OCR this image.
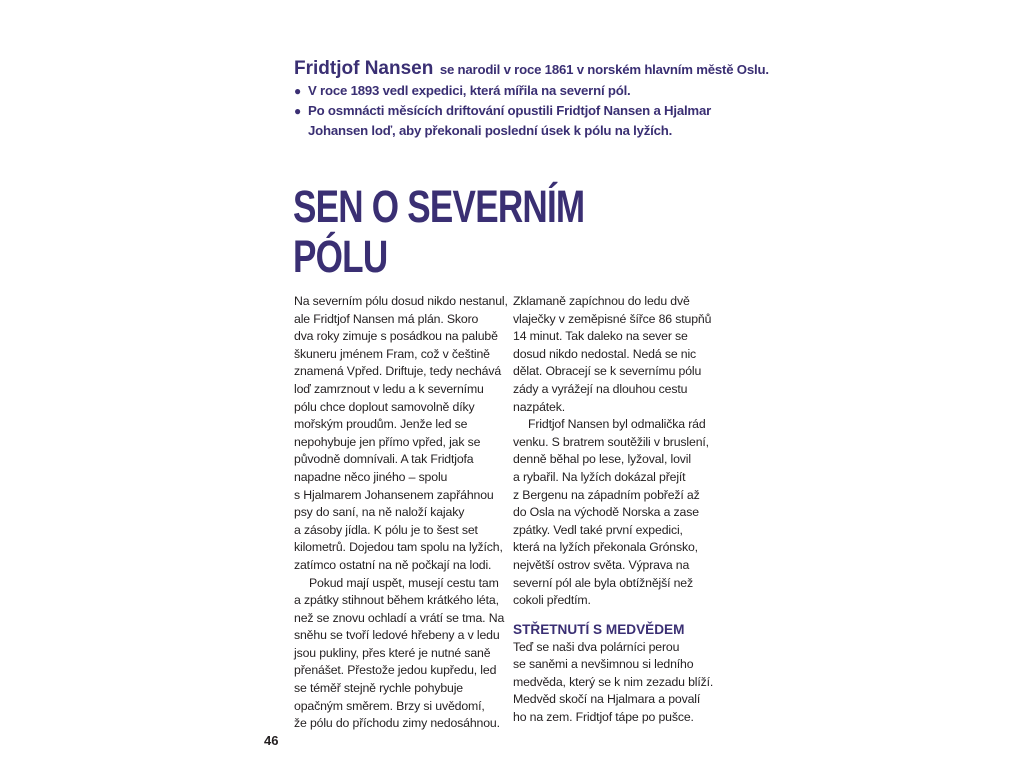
Fridtjof Nansen se narodil v roce 1861 v norském hlavním městě Oslu.
● V roce 1893 vedl expedici, která mířila na severní pól.
● Po osmnácti měsících driftování opustili Fridtjof Nansen a Hjalmar Johansen loď, aby překonali poslední úsek k pólu na lyžích.
SEN O SEVERNÍM
PÓLU
Na severním pólu dosud nikdo nestanul,
ale Fridtjof Nansen má plán. Skoro
dva roky zimuje s posádkou na palubě
škuneru jménem Fram, což v češtině
znamená Vpřed. Driftuje, tedy nechává
loď zamrznout v ledu a k severnímu
pólu chce doplout samovolně díky
mořským proudům. Jenže led se
nepohybuje jen přímo vpřed, jak se
původně domnívali. A tak Fridtjofa
napadne něco jiného – spolu
s Hjalmarem Johansenem zapřáhnou
psy do saní, na ně naloží kajaky
a zásoby jídla. K pólu je to šest set
kilometrů. Dojedou tam spolu na lyžích,
zatímco ostatní na ně počkají na lodi.
Pokud mají uspět, musejí cestu tam
a zpátky stihnout během krátkého léta,
než se znovu ochladí a vrátí se tma. Na
sněhu se tvoří ledové hřebeny a v ledu
jsou pukliny, přes které je nutné saně
přenášet. Přestože jedou kupředu, led
se téměř stejně rychle pohybuje
opačným směrem. Brzy si uvědomí,
že pólu do příchodu zimy nedosáhnou.
Zklamaně zapíchnou do ledu dvě
vlaječky v zeměpisné šířce 86 stupňů
14 minut. Tak daleko na sever se
dosud nikdo nedostal. Nedá se nic
dělat. Obracejí se k severnímu pólu
zády a vyrážejí na dlouhou cestu
nazpátek.
Fridtjof Nansen byl odmalička rád
venku. S bratrem soutěžili v bruslení,
denně běhal po lese, lyžoval, lovil
a rybařil. Na lyžích dokázal přejít
z Bergenu na západním pobřeží až
do Osla na východě Norska a zase
zpátky. Vedl také první expedici,
která na lyžích překonala Grónsko,
největší ostrov světa. Výprava na
severní pól ale byla obtížnější než
cokoli předtím.
STŘETNUTÍ S MEDVĚDEM
Teď se naši dva polárníci perou
se saněmi a nevšimnou si ledního
medvěda, který se k nim zezadu blíží.
Medvěd skočí na Hjalmara a povalí
ho na zem. Fridtjof tápe po pušce.
46
